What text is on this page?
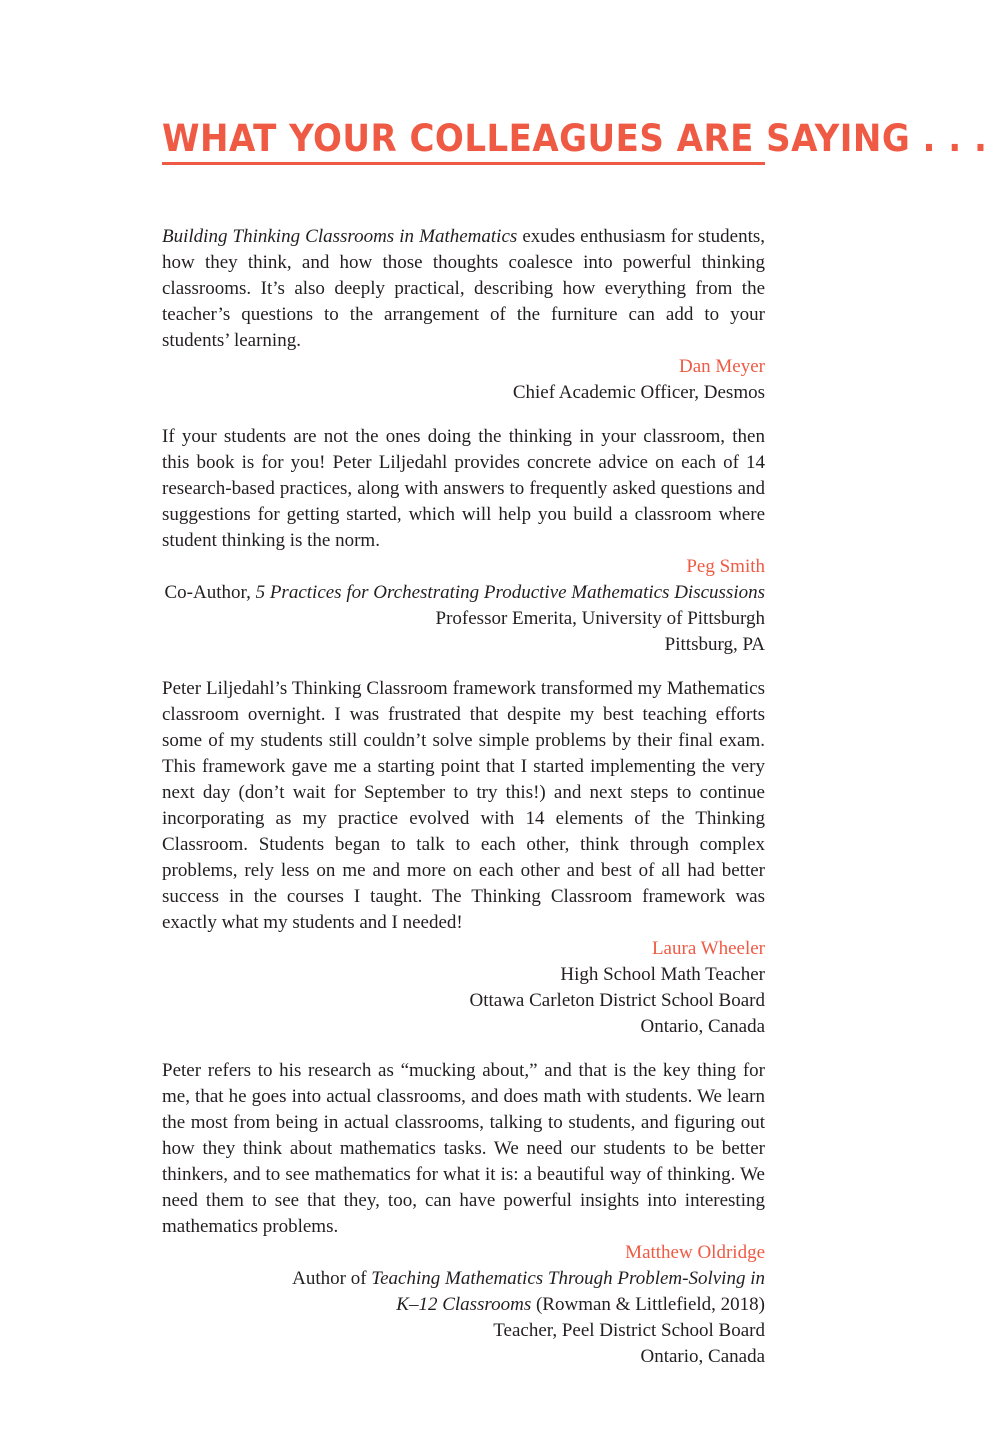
WHAT YOUR COLLEAGUES ARE SAYING . . .

Building Thinking Classrooms in Mathematics exudes enthusiasm for students, how they think, and how those thoughts coalesce into powerful thinking classrooms. It’s also deeply practical, describing how everything from the teacher’s questions to the arrangement of the furniture can add to your students’ learning.

Dan Meyer

Chief Academic Officer, Desmos

If your students are not the ones doing the thinking in your classroom, then this book is for you! Peter Liljedahl provides concrete advice on each of 14 research-based practices, along with answers to frequently asked questions and suggestions for getting started, which will help you build a classroom where student thinking is the norm.

Peg Smith

Co-Author, 5 Practices for Orchestrating Productive Mathematics Discussions

Professor Emerita, University of Pittsburgh

Pittsburg, PA

Peter Liljedahl’s Thinking Classroom framework transformed my Mathematics classroom overnight. I was frustrated that despite my best teaching efforts some of my students still couldn’t solve simple problems by their final exam. This framework gave me a starting point that I started implementing the very next day (don’t wait for September to try this!) and next steps to continue incorporating as my practice evolved with 14 elements of the Thinking Classroom. Students began to talk to each other, think through complex problems, rely less on me and more on each other and best of all had better success in the courses I taught. The Thinking Classroom framework was exactly what my students and I needed!

Laura Wheeler

High School Math Teacher

Ottawa Carleton District School Board

Ontario, Canada

Peter refers to his research as “mucking about,” and that is the key thing for me, that he goes into actual classrooms, and does math with students. We learn the most from being in actual classrooms, talking to students, and figuring out how they think about mathematics tasks. We need our students to be better thinkers, and to see mathematics for what it is: a beautiful way of thinking. We need them to see that they, too, can have powerful insights into interesting mathematics problems.

Matthew Oldridge

Author of Teaching Mathematics Through Problem-Solving in

K–12 Classrooms (Rowman & Littlefield, 2018)

Teacher, Peel District School Board

Ontario, Canada
